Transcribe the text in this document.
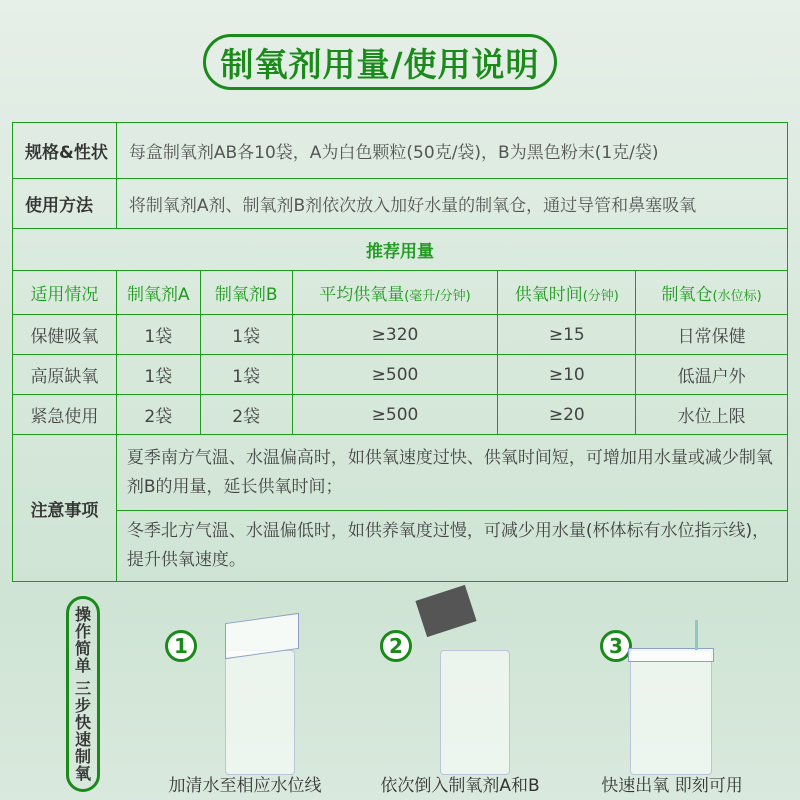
制氧剂用量/使用说明
规格&性状	每盒制氧剂AB各10袋，A为白色颗粒(50克/袋)，B为黑色粉末(1克/袋)				
使用方法	将制氧剂A剂、制氧剂B剂依次放入加好水量的制氧仓，通过导管和鼻塞吸氧				
推荐用量					
适用情况	制氧剂A	制氧剂B	平均供氧量(毫升/分钟)	供氧时间(分钟)	制氧仓(水位标)
保健吸氧	1袋	1袋	≥320	≥15	日常保健
高原缺氧	1袋	1袋	≥500	≥10	低温户外
紧急使用	2袋	2袋	≥500	≥20	水位上限
注意事项	夏季南方气温、水温偏高时，如供氧速度过快、供氧时间短，可增加用水量或减少制氧剂B的用量，延长供氧时间；				
	冬季北方气温、水温偏低时，如供养氧度过慢，可减少用水量(杯体标有水位指示线)，提升供氧速度。				
操
作
简
单

三
步
快
速
制
氧
1
加清水至相应水位线
2
依次倒入制氧剂A和B
3
快速出氧 即刻可用
